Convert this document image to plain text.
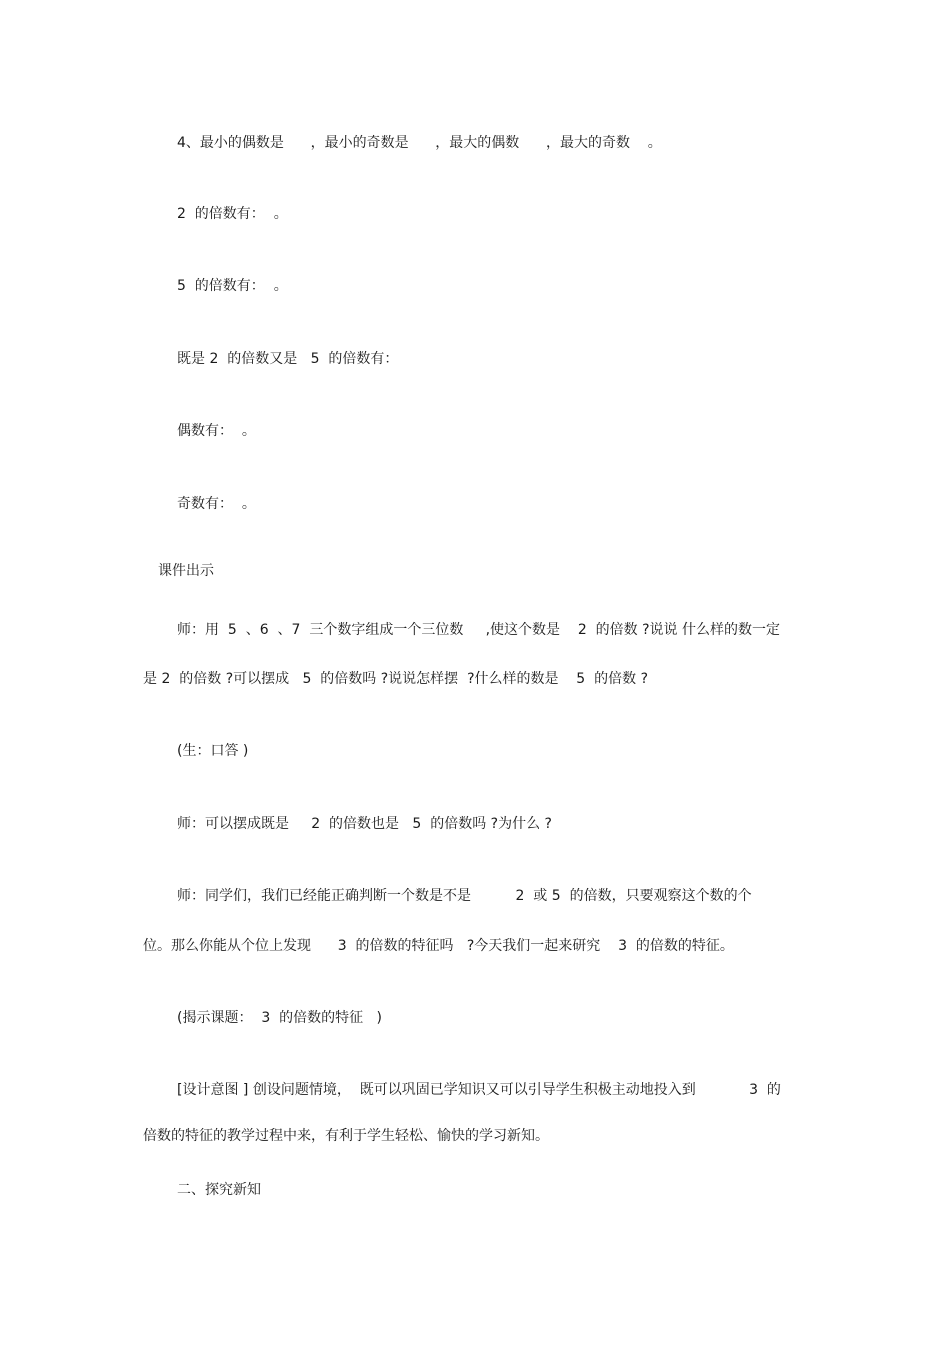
4、最小的偶数是      ，最小的奇数是      ，最大的偶数      ，最大的奇数    。
2  的倍数有：  。
5  的倍数有：  。
既是 2  的倍数又是   5  的倍数有：
偶数有：  。
奇数有：  。
课件出示
师：用  5  、6  、7  三个数字组成一个三位数     ,使这个数是    2  的倍数 ?说说 什么样的数一定
是 2  的倍数 ?可以摆成   5  的倍数吗 ?说说怎样摆  ?什么样的数是    5  的倍数 ?
(生：口答 )
师：可以摆成既是     2  的倍数也是   5  的倍数吗 ?为什么 ?
师：同学们，我们已经能正确判断一个数是不是          2  或 5  的倍数，只要观察这个数的个
位。那么你能从个位上发现      3  的倍数的特征吗   ?今天我们一起来研究    3  的倍数的特征。
(揭示课题：  3  的倍数的特征   )
[设计意图 ] 创设问题情境，  既可以巩固已学知识又可以引导学生积极主动地投入到            3  的
倍数的特征的教学过程中来，有利于学生轻松、愉快的学习新知。
二、探究新知
